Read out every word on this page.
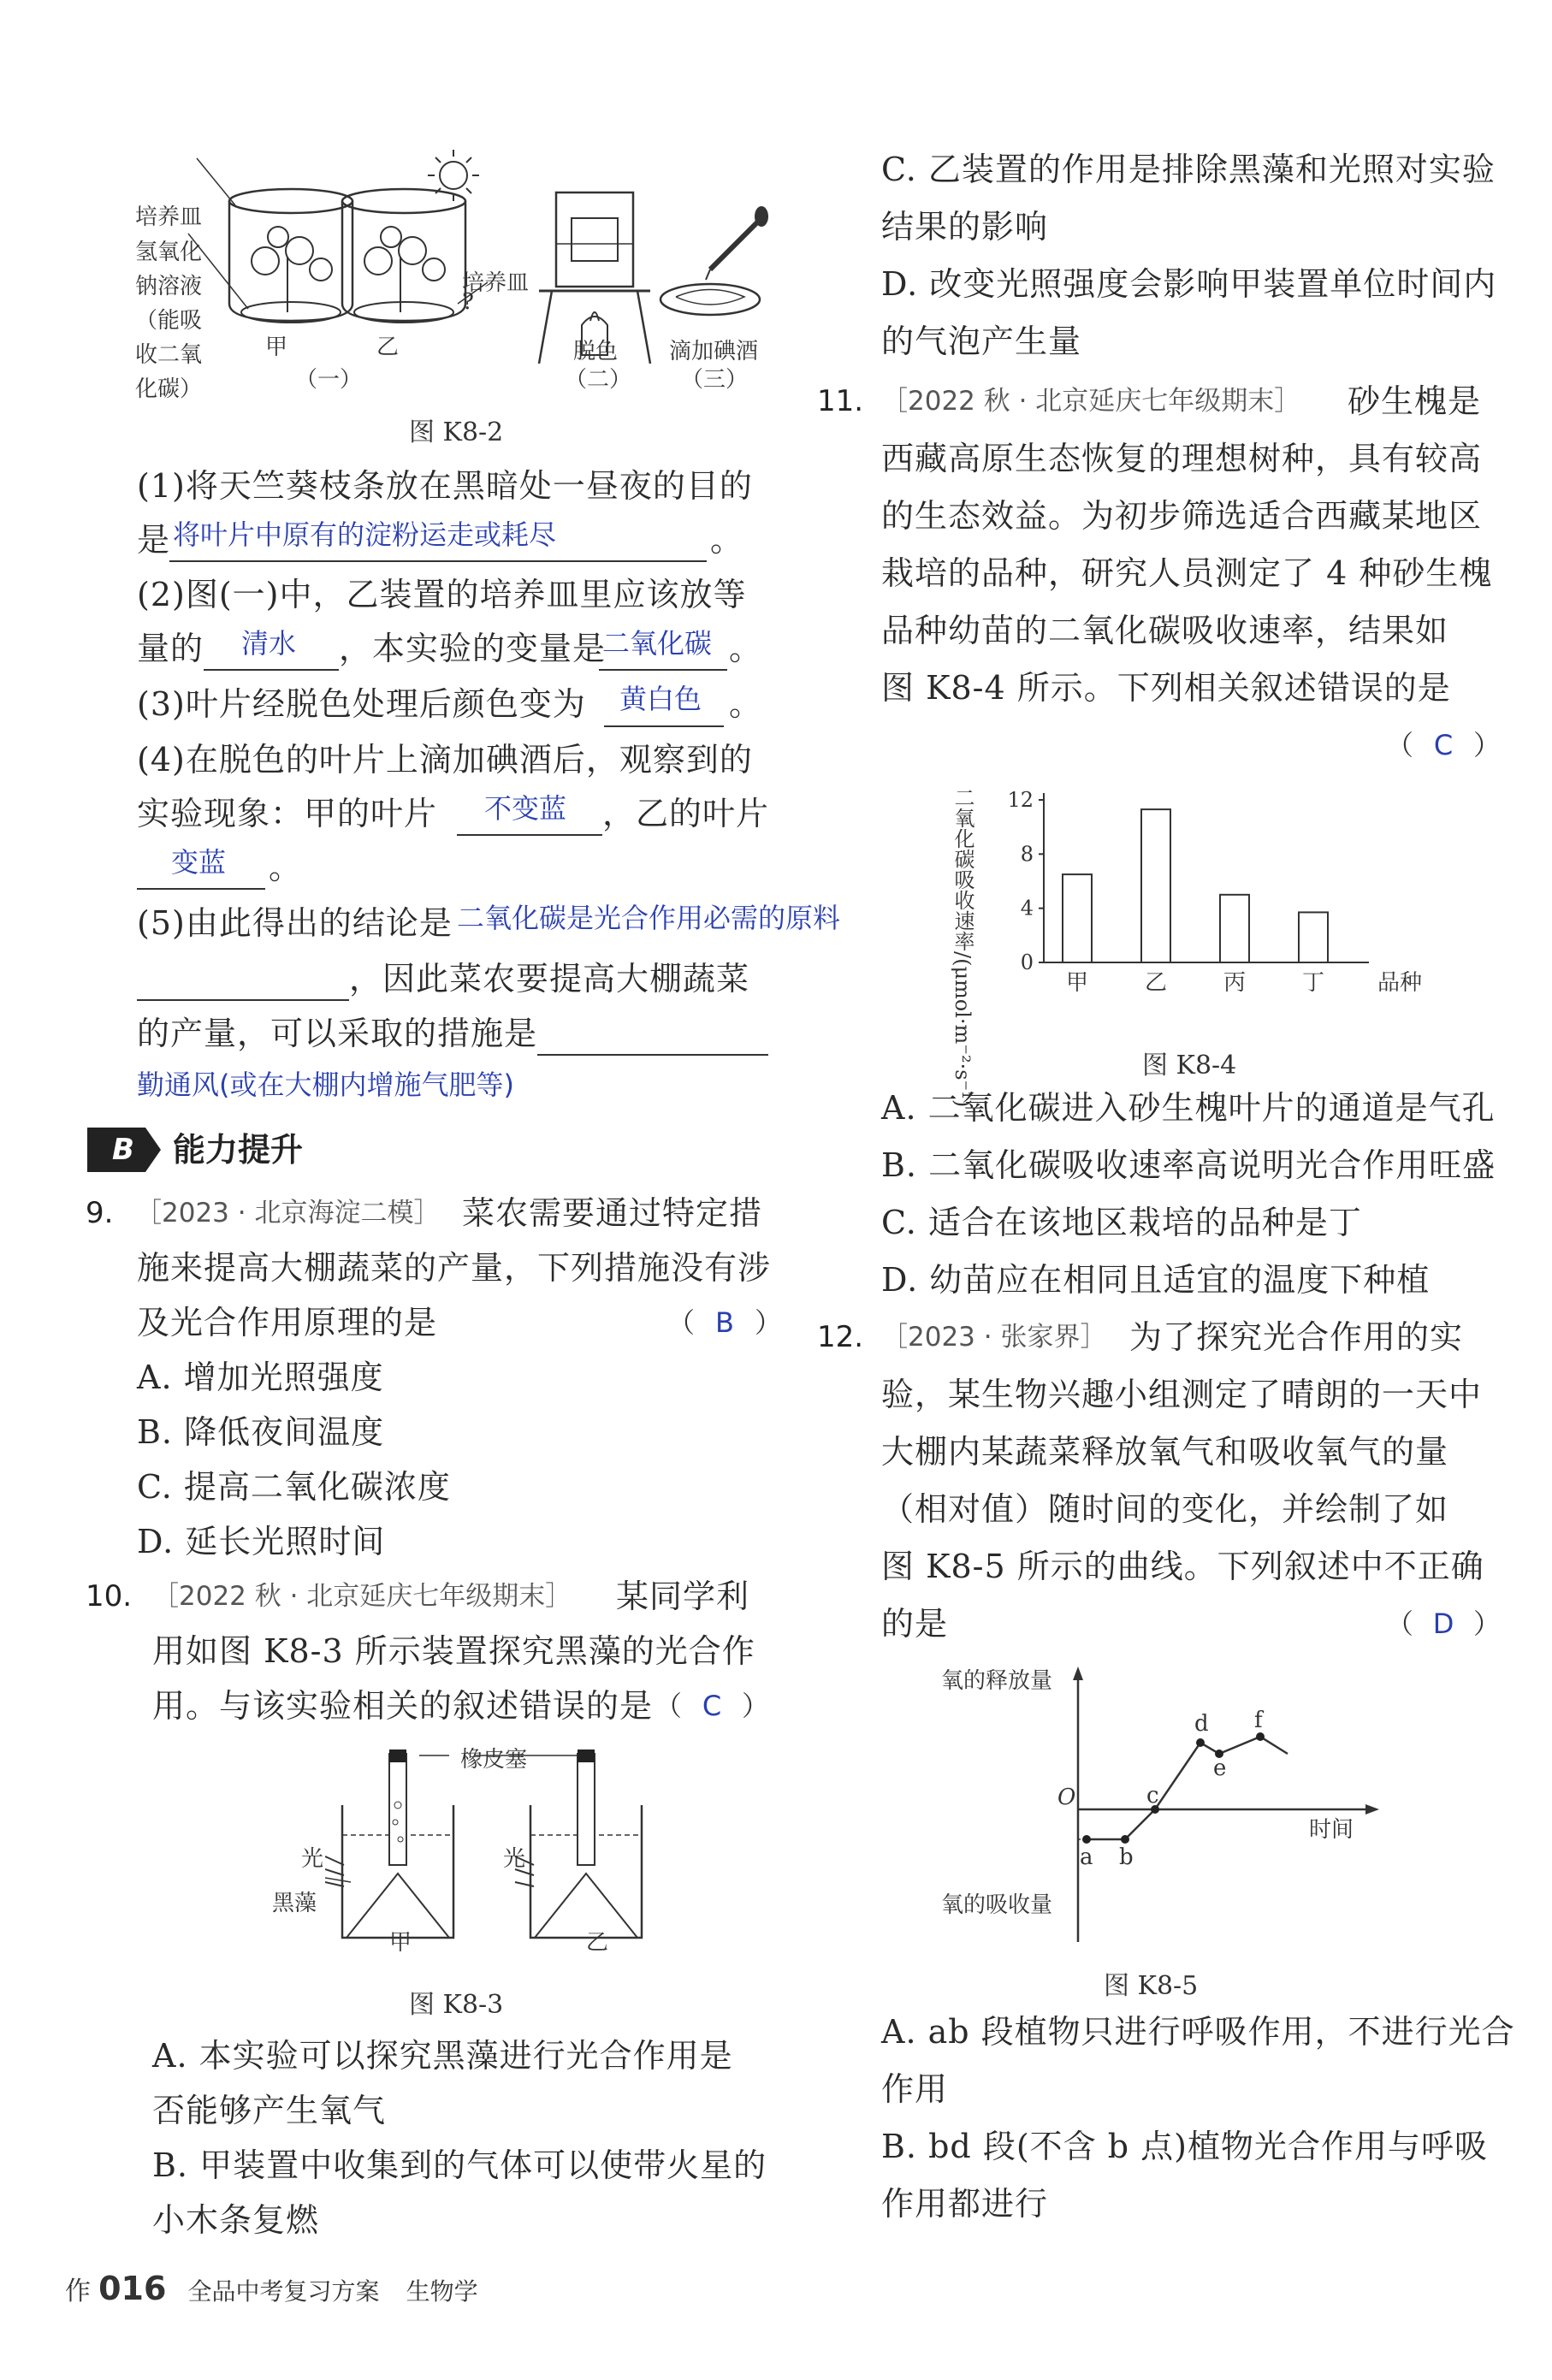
培养皿
氢氧化
钠溶液
（能吸
收二氧
化碳）
甲	乙
培养皿
?
（一）
脱色
（二）
滴加碘酒
（三）
图 K8-2
(1)将天竺葵枝条放在黑暗处一昼夜的目的
是 将叶片中原有的淀粉运走或耗尽	。
(2)图(一)中，乙装置的培养皿里应该放等
量的 清水 ，本实验的变量是
二氧化碳 。
(3)叶片经脱色处理后颜色变为 黄白色 。
(4)在脱色的叶片上滴加碘酒后，观察到的
实验现象：甲的叶片 不变蓝 ，乙的叶片
变蓝 。
(5)由此得出的结论是 二氧化碳是光合作用必需的原料
，因此菜农要提高大棚蔬菜
的产量，可以采取的措施是
勤通风(或在大棚内增施气肥等)
B	能力提升
9. ［2023 · 北京海淀二模］ 菜农需要通过特定措
施来提高大棚蔬菜的产量，下列措施没有涉
及光合作用原理的是	（ B ）
A. 增加光照强度
B. 降低夜间温度
C. 提高二氧化碳浓度
D. 延长光照时间
10. ［2022 秋 · 北京延庆七年级期末］ 某同学利
用如图 K8-3 所示装置探究黑藻的光合作
用。与该实验相关的叙述错误的是 （ C ）
橡皮塞
光	光
黑藻
甲	乙
图 K8-3
A. 本实验可以探究黑藻进行光合作用是
否能够产生氧气
B. 甲装置中收集到的气体可以使带火星的
小木条复燃
C. 乙装置的作用是排除黑藻和光照对实验
结果的影响
D. 改变光照强度会影响甲装置单位时间内
的气泡产生量
11. ［2022 秋 · 北京延庆七年级期末］ 砂生槐是
西藏高原生态恢复的理想树种，具有较高
的生态效益。为初步筛选适合西藏某地区
栽培的品种，研究人员测定了 4 种砂生槐
品种幼苗的二氧化碳吸收速率，结果如
图 K8-4 所示。下列相关叙述错误的是
（ C ）
0
4
8
12
甲	乙	丙	丁 品种
二氧化碳吸收速率/(μmol·m⁻²·s⁻¹)	图 K8-4
A. 二氧化碳进入砂生槐叶片的通道是气孔
B. 二氧化碳吸收速率高说明光合作用旺盛
C. 适合在该地区栽培的品种是丁
D. 幼苗应在相同且适宜的温度下种植
12. ［2023 · 张家界］ 为了探究光合作用的实
验，某生物兴趣小组测定了晴朗的一天中
大棚内某蔬菜释放氧气和吸收氧气的量
（相对值）随时间的变化，并绘制了如
图 K8-5 所示的曲线。下列叙述中不正确
的是	（ D ）
氧的释放量
氧的吸收量
时间
O
a b
c
d
e
f
图 K8-5
A. ab 段植物只进行呼吸作用，不进行光合
作用
B. bd 段(不含 b 点)植物光合作用与呼吸
作用都进行
作 016 全品中考复习方案 生物学
